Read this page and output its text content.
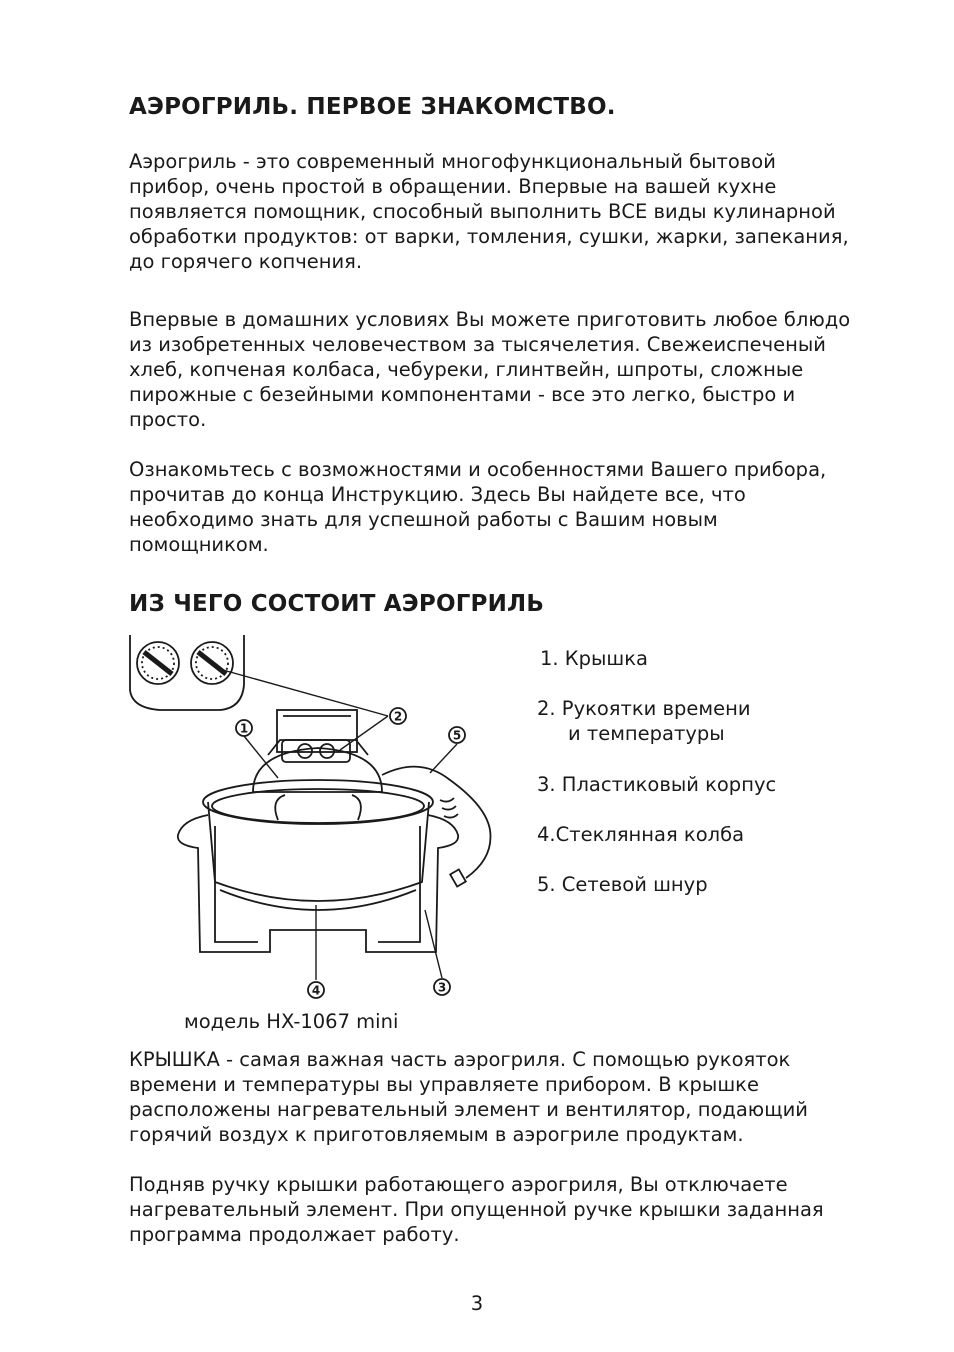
АЭРОГРИЛЬ. ПЕРВОЕ ЗНАКОМСТВО.
Аэрогриль - это современный многофункциональный бытовой
прибор, очень простой в обращении. Впервые на вашей кухне
появляется помощник, способный выполнить ВСЕ виды кулинарной
обработки продуктов: от варки, томления, сушки, жарки, запекания,
до горячего копчения.
Впервые в домашних условиях Вы можете приготовить любое блюдо
из изобретенных человечеством за тысячелетия. Свежеиспеченый
хлеб, копченая колбаса, чебуреки, глинтвейн, шпроты, сложные
пирожные с безейными компонентами - все это легко, быстро и
просто.
Ознакомьтесь с возможностями и особенностями Вашего прибора,
прочитав до конца Инструкцию. Здесь Вы найдете все, что
необходимо знать для успешной работы с Вашим новым
помощником.
ИЗ ЧЕГО СОСТОИТ АЭРОГРИЛЬ
1
2
3
4
5
1. Крышка
2. Рукоятки времени
и температуры
3. Пластиковый корпус
4.Стеклянная колба
5. Сетевой шнур
модель HX-1067 mini
КРЫШКА - самая важная часть аэрогриля. С помощью рукояток
времени и температуры вы управляете прибором. В крышке
расположены нагревательный элемент и вентилятор, подающий
горячий воздух к приготовляемым в аэрогриле продуктам.
Подняв ручку крышки работающего аэрогриля, Вы отключаете
нагревательный элемент. При опущенной ручке крышки заданная
программа продолжает работу.
3
